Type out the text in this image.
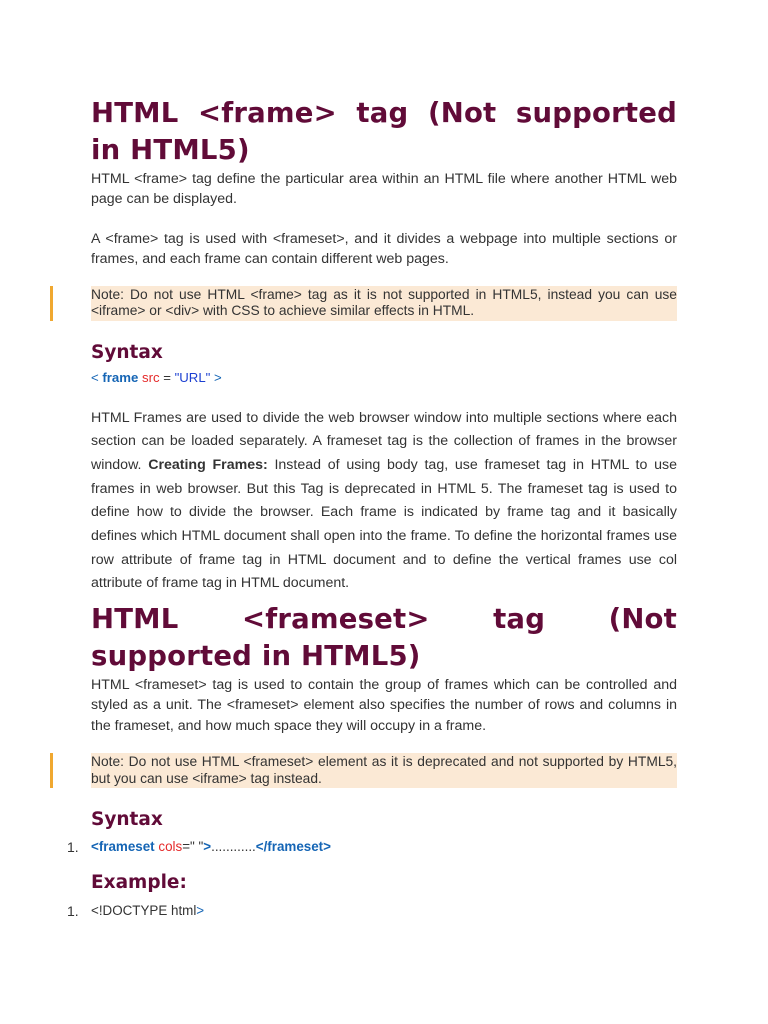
HTML <frame> tag (Not supported in HTML5)

HTML <frame> tag define the particular area within an HTML file where another HTML web page can be displayed.

A <frame> tag is used with <frameset>, and it divides a webpage into multiple sections or frames, and each frame can contain different web pages.

Note: Do not use HTML <frame> tag as it is not supported in HTML5, instead you can use <iframe> or <div> with CSS to achieve similar effects in HTML.
Syntax
< frame src = "URL" >

HTML Frames are used to divide the web browser window into multiple sections where each section can be loaded separately. A frameset tag is the collection of frames in the browser window. Creating Frames: Instead of using body tag, use frameset tag in HTML to use frames in web browser. But this Tag is deprecated in HTML 5. The frameset tag is used to define how to divide the browser. Each frame is indicated by frame tag and it basically defines which HTML document shall open into the frame. To define the horizontal frames use row attribute of frame tag in HTML document and to define the vertical frames use col attribute of frame tag in HTML document.

HTML <frameset> tag (Not supported in HTML5)

HTML <frameset> tag is used to contain the group of frames which can be controlled and styled as a unit. The <frameset> element also specifies the number of rows and columns in the frameset, and how much space they will occupy in a frame.

Note: Do not use HTML <frameset> element as it is deprecated and not supported by HTML5, but you can use <iframe> tag instead.
Syntax
1. <frameset cols=" ">............</frameset>
Example:
1. <!DOCTYPE html>
